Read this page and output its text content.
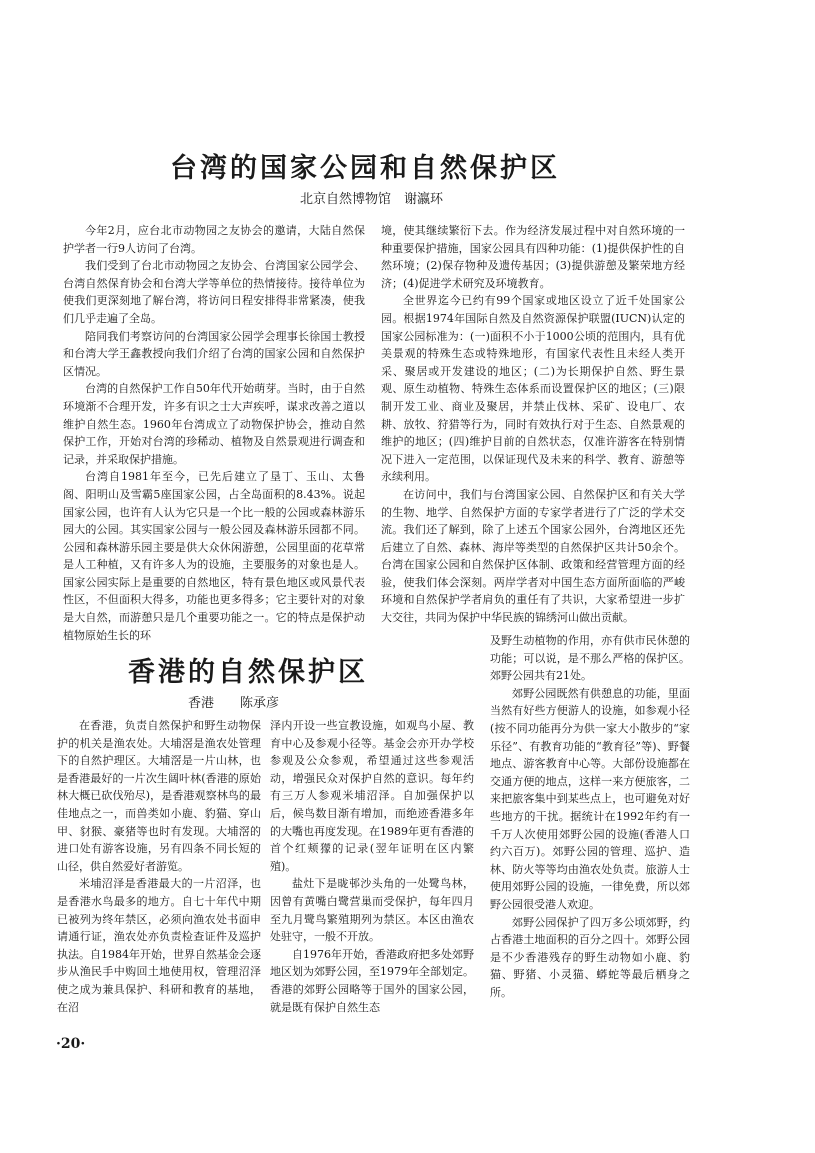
台湾的国家公园和自然保护区
北京自然博物馆　谢瀛环

今年2月，应台北市动物园之友协会的邀请，大陆自然保护学者一行9人访问了台湾。

我们受到了台北市动物园之友协会、台湾国家公园学会、台湾自然保育协会和台湾大学等单位的热情接待。接待单位为使我们更深刻地了解台湾，将访问日程安排得非常紧凑，使我们几乎走遍了全岛。

陪同我们考察访问的台湾国家公园学会理事长徐国士教授和台湾大学王鑫教授向我们介绍了台湾的国家公园和自然保护区情况。

台湾的自然保护工作自50年代开始萌芽。当时，由于自然环境渐不合理开发，许多有识之士大声疾呼，谋求改善之道以维护自然生态。1960年台湾成立了动物保护协会，推动自然保护工作，开始对台湾的珍稀动、植物及自然景观进行调查和记录，并采取保护措施。

台湾自1981年至今，已先后建立了垦丁、玉山、太鲁阁、阳明山及雪霸5座国家公园，占全岛面积的8.43%。说起国家公园，也许有人认为它只是一个比一般的公园或森林游乐园大的公园。其实国家公园与一般公园及森林游乐园都不同。公园和森林游乐园主要是供大众休闲游憩，公园里面的花草常是人工种植，又有许多人为的设施，主要服务的对象也是人。国家公园实际上是重要的自然地区，特有景色地区或风景代表性区，不但面积大得多，功能也更多得多；它主要针对的对象是大自然，而游憩只是几个重要功能之一。它的特点是保护动植物原始生长的环

境，使其继续繁衍下去。作为经济发展过程中对自然环境的一种重要保护措施，国家公园具有四种功能：(1)提供保护性的自然环境；(2)保存物种及遗传基因；(3)提供游憩及繁荣地方经济；(4)促进学术研究及环境教育。

全世界迄今已约有99个国家或地区设立了近千处国家公园。根据1974年国际自然及自然资源保护联盟(IUCN)认定的国家公园标准为：(一)面积不小于1000公顷的范围内，具有优美景观的特殊生态或特殊地形，有国家代表性且未经人类开采、聚居或开发建设的地区；(二)为长期保护自然、野生景观、原生动植物、特殊生态体系而设置保护区的地区；(三)限制开发工业、商业及聚居，并禁止伐林、采矿、设电厂、农耕、放牧、狩猎等行为，同时有效执行对于生态、自然景观的维护的地区；(四)维护目前的自然状态，仅准许游客在特别情况下进入一定范围，以保证现代及未来的科学、教育、游憩等永续利用。

在访问中，我们与台湾国家公园、自然保护区和有关大学的生物、地学、自然保护方面的专家学者进行了广泛的学术交流。我们还了解到，除了上述五个国家公园外，台湾地区还先后建立了自然、森林、海岸等类型的自然保护区共计50余个。台湾在国家公园和自然保护区体制、政策和经营管理方面的经验，使我们体会深刻。两岸学者对中国生态方面所面临的严峻环境和自然保护学者肩负的重任有了共识，大家希望进一步扩大交往，共同为保护中华民族的锦绣河山做出贡献。

香港的自然保护区
香港　　陈承彦

在香港，负责自然保护和野生动物保护的机关是渔农处。大埔滘是渔农处管理下的自然护理区。大埔滘是一片山林，也是香港最好的一片次生阔叶林(香港的原始林大概已砍伐殆尽)，是香港观察林鸟的最佳地点之一，而兽类如小鹿、豹猫、穿山甲、豺猴、豪猪等也时有发现。大埔滘的进口处有游客设施，另有四条不同长短的山径，供自然爱好者游览。

米埔沼泽是香港最大的一片沼泽，也是香港水鸟最多的地方。自七十年代中期已被列为终年禁区，必须向渔农处书面申请通行证，渔农处亦负责检查证件及巡护执法。自1984年开始，世界自然基金会逐步从渔民手中购回土地使用权，管理沼泽使之成为兼具保护、科研和教育的基地，在沼

泽内开设一些宣教设施，如观鸟小屋、教育中心及参观小径等。基金会亦开办学校参观及公众参观，希望通过这些参观活动，增强民众对保护自然的意识。每年约有三万人参观米埔沼泽。自加强保护以后，候鸟数目渐有增加，而绝迹香港多年的大嘴也再度发现。在1989年更有香港的首个红颊獴的记录(翌年证明在区内繁殖)。

盐灶下是昽邨沙头角的一处鹭鸟林，因曾有黄嘴白鹭营巢而受保护，每年四月至九月鹭鸟繁殖期列为禁区。本区由渔农处驻守，一般不开放。

自1976年开始，香港政府把多处郊野地区划为郊野公园，至1979年全部划定。香港的郊野公园略等于国外的国家公园，就是既有保护自然生态

及野生动植物的作用，亦有供市民休憩的功能；可以说，是不那么严格的保护区。郊野公园共有21处。

郊野公园既然有供憩息的功能，里面当然有好些方便游人的设施，如参观小径(按不同功能再分为供一家大小散步的“家乐径”、有教育功能的“教育径”等)、野餐地点、游客教育中心等。大部份设施都在交通方便的地点，这样一来方便旅客，二来把旅客集中到某些点上，也可避免对好些地方的干扰。据统计在1992年约有一千万人次使用郊野公园的设施(香港人口约六百万)。郊野公园的管理、巡护、造林、防火等等均由渔农处负责。旅游人士使用郊野公园的设施，一律免费，所以郊野公园很受港人欢迎。

郊野公园保护了四万多公顷郊野，约占香港土地面积的百分之四十。郊野公园是不少香港残存的野生动物如小鹿、豹猫、野猪、小灵猫、蟒蛇等最后栖身之所。

·20·
